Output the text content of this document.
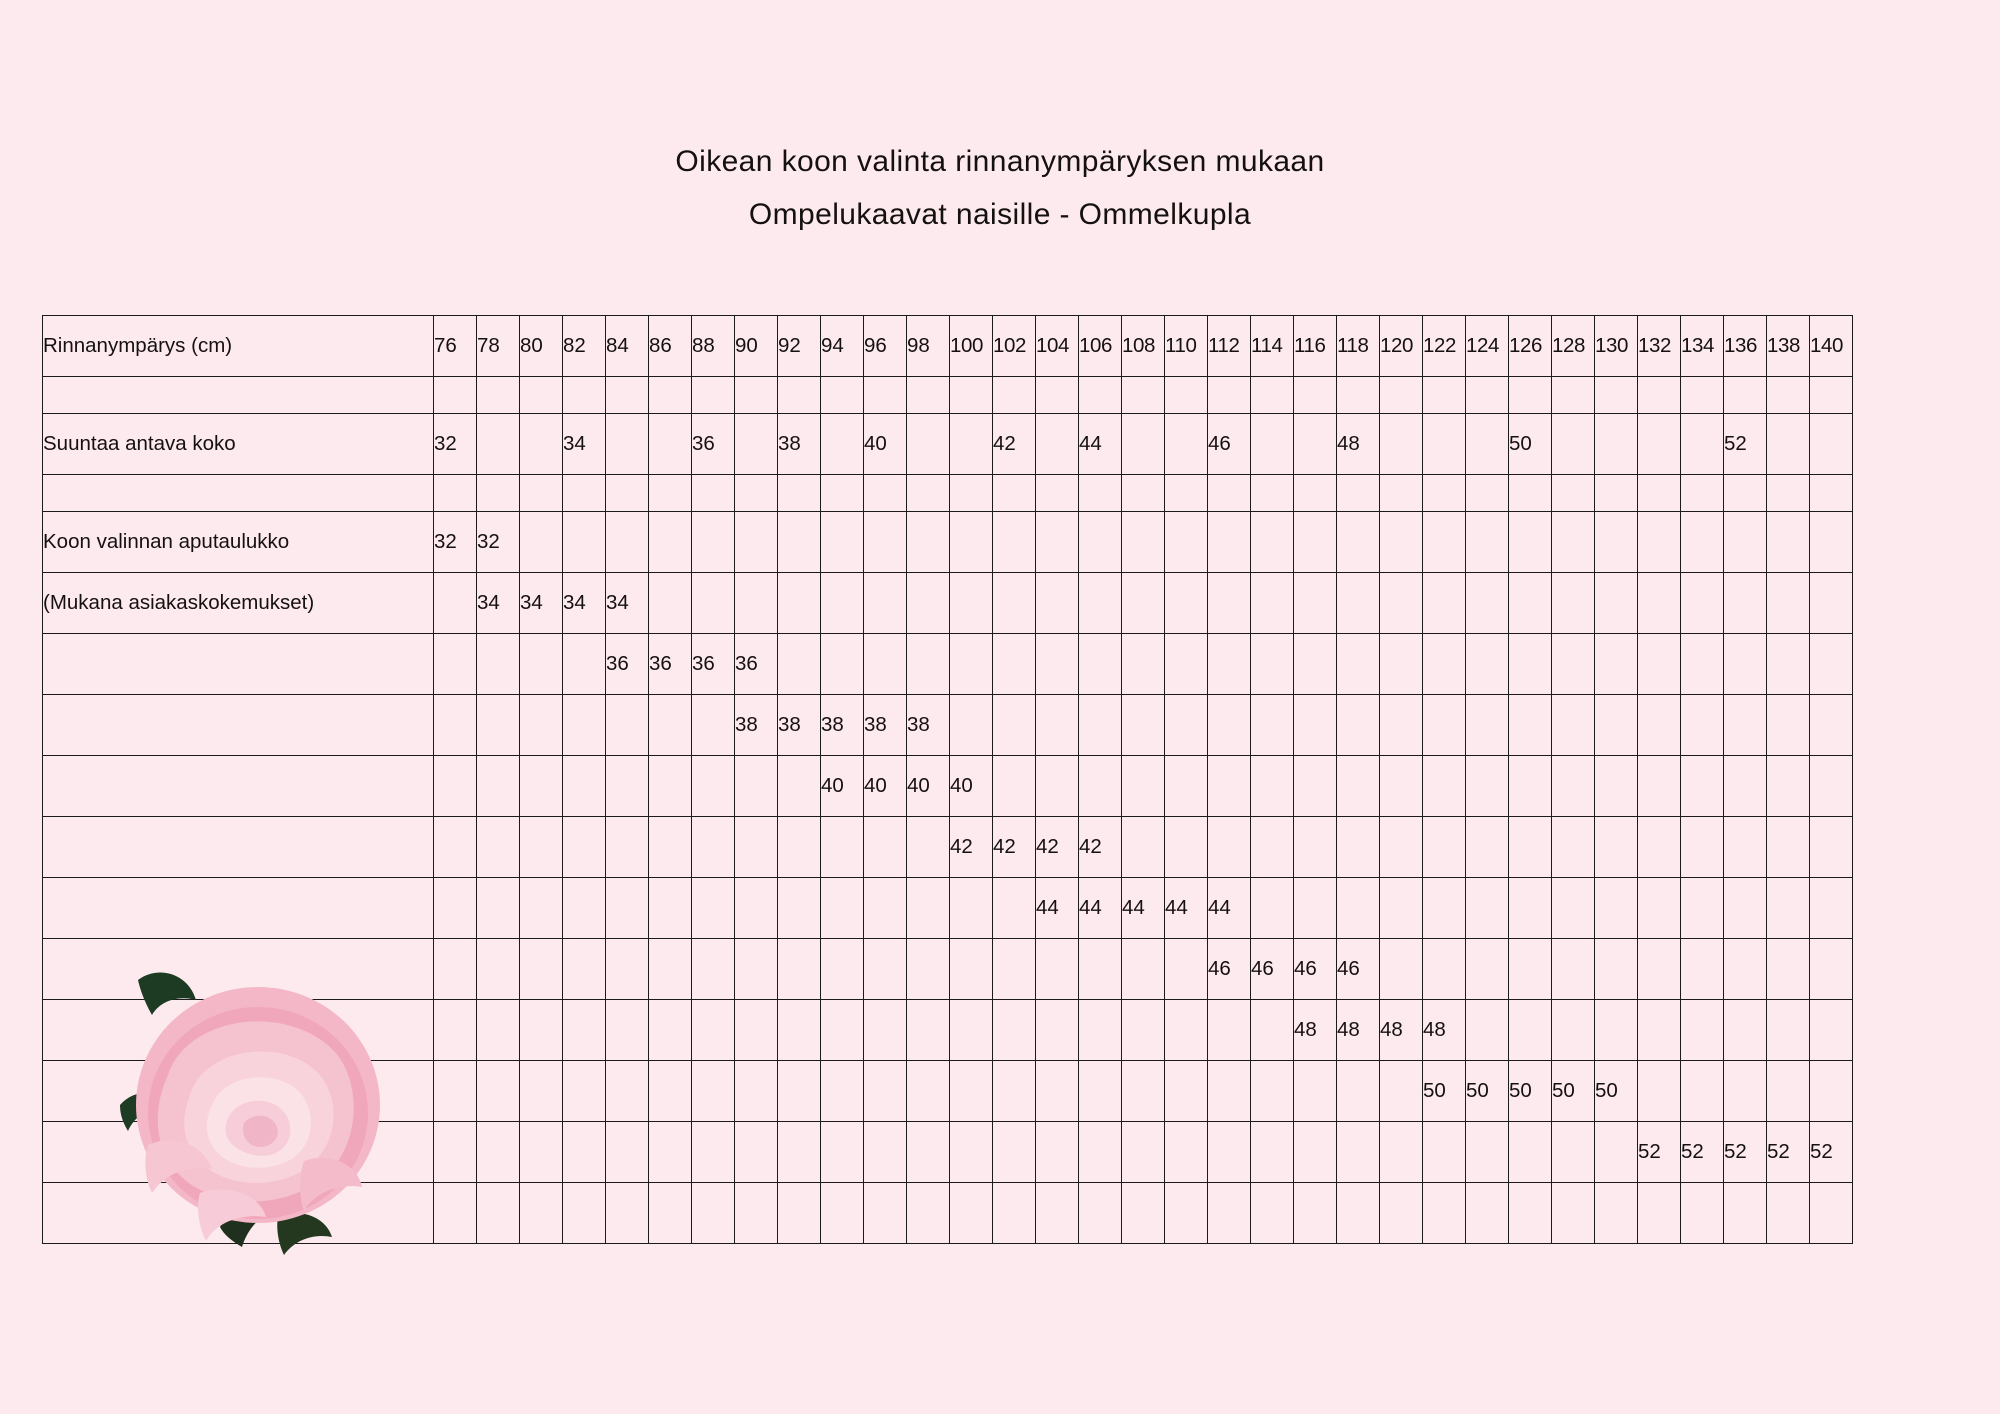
Oikean koon valinta rinnanympäryksen mukaan
Ompelukaavat naisille - Ommelkupla
Rinnanympärys (cm)	76	78	80	82	84	86	88	90	92	94	96	98	100	102	104	106	108	110	112	114	116	118	120	122	124	126	128	130	132	134	136	138	140

Suuntaa antava koko	32			34			36		38		40			42		44			46			48				50					52		

Koon valinnan aputaulukko	32	32																															
(Mukana asiakaskokemukset)		34	34	34	34																												
					36	36	36	36																									
								38	38	38	38	38																					
										40	40	40	40																				
													42	42	42	42																	
															44	44	44	44	44														
																			46	46	46	46											
																					48	48	48	48									
																								50	50	50	50	50					
																													52	52	52	52	52
